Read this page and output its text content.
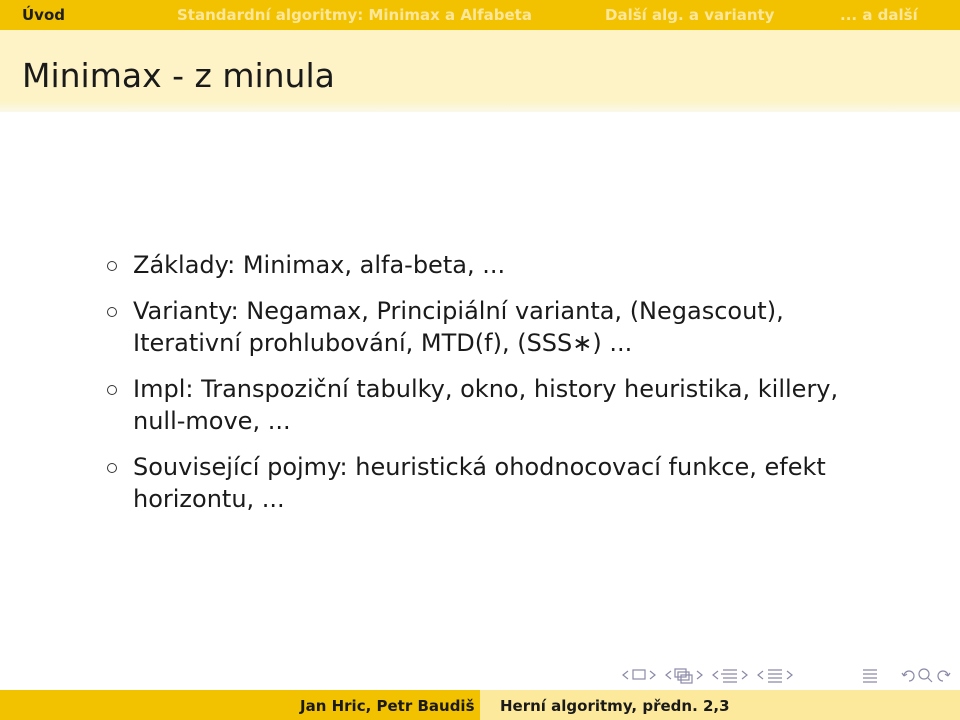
Úvod	Standardní algoritmy: Minimax a Alfabeta	Další alg. a varianty	... a další
Minimax - z minula
Základy: Minimax, alfa-beta, ...
Varianty: Negamax, Principiální varianta, (Negascout), Iterativní prohlubování, MTD(f), (SSS∗) ...
Impl: Transpoziční tabulky, okno, history heuristika, killery, null-move, ...
Související pojmy: heuristická ohodnocovací funkce, efekt horizontu, ...
Jan Hric, Petr Baudiš Herní algoritmy, předn. 2,3
